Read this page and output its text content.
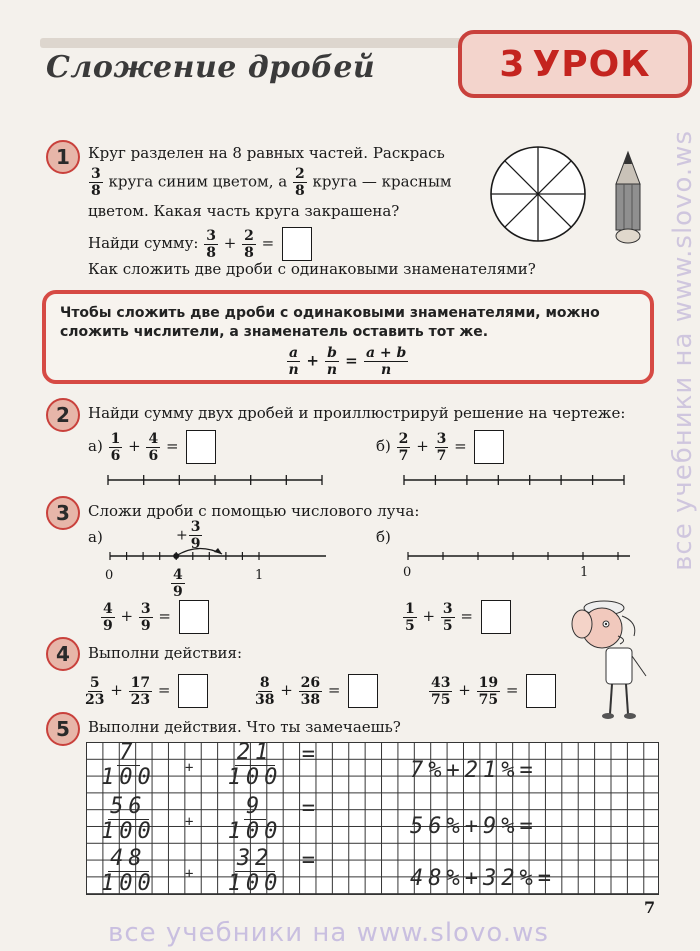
Сложение дробей	3 УРОК
1	Круг разделен на 8 равных частей. Раскрась
$\frac{3}{8}$ круга синим цветом, а $\frac{2}{8}$ круга — красным
цветом. Какая часть круга закрашена?
Найди сумму: $\frac{3}{8} + \frac{2}{8}$ =
Как сложить две дроби с одинаковыми знаменателями?
Чтобы сложить две дроби с одинаковыми знаменателями, можно
сложить числители, а знаменатель оставить тот же.
$\frac{a}{n} + \frac{b}{n} = \frac{a + b}{n}$
2	Найди сумму двух дробей и проиллюстрируй решение на чертеже:
$а) \frac{1}{6} + \frac{4}{6}$ =	$б) \frac{2}{7} + \frac{3}{7}$ =
3	Сложи дроби с помощью числового луча:
а)	б)
+ $\frac{3}{9}$
0	$\frac{4}{9}$	1	0	1
$\frac{4}{9} + \frac{3}{9}$ =	$\frac{1}{5} + \frac{3}{5}$ =
4	Выполни действия:
$\frac{5}{23} + \frac{17}{23}$ =	$\frac{8}{38} + \frac{26}{38}$ =	$\frac{43}{75} + \frac{19}{75}$ =
5	Выполни действия. Что ты замечаешь?
$\frac{7}{100} + \frac{21}{100}$ =
7%+21%=
$\frac{56}{100} + \frac{9}{100}$ =
56%+9%=
$\frac{48}{100} + \frac{32}{100}$ =
48%+32%=
7
все учебники на www.slovo.ws
все учебники на www.slovo.ws
